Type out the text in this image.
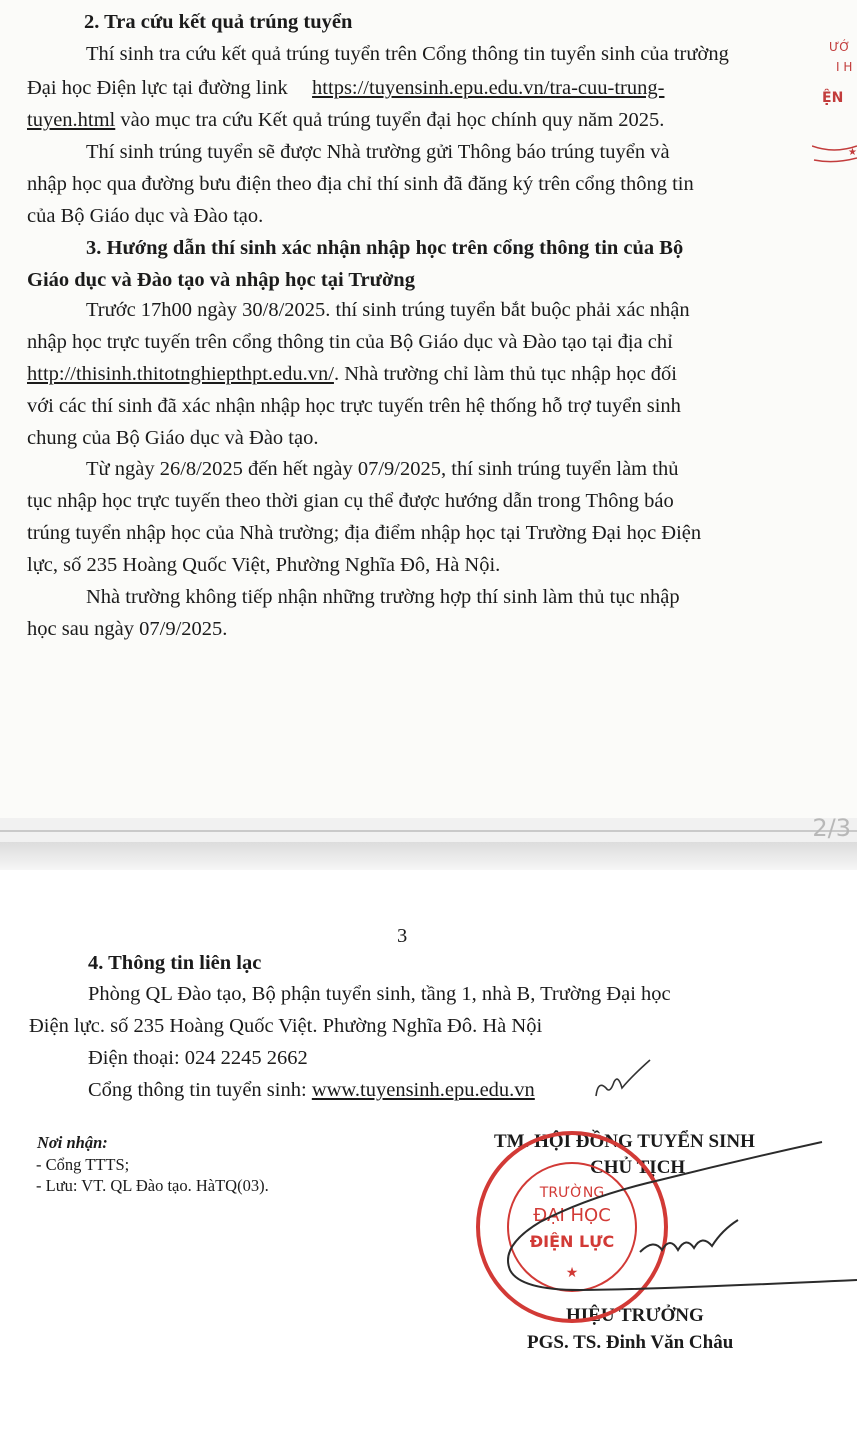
2. Tra cứu kết quả trúng tuyển
Thí sinh tra cứu kết quả trúng tuyển trên Cổng thông tin tuyển sinh của trường
Đại học Điện lực tại đường link https://tuyensinh.epu.edu.vn/tra-cuu-trung-
tuyen.html vào mục tra cứu Kết quả trúng tuyển đại học chính quy năm 2025.
Thí sinh trúng tuyển sẽ được Nhà trường gửi Thông báo trúng tuyển và
nhập học qua đường bưu điện theo địa chỉ thí sinh đã đăng ký trên cổng thông tin
của Bộ Giáo dục và Đào tạo.
3. Hướng dẫn thí sinh xác nhận nhập học trên cổng thông tin của Bộ
Giáo dục và Đào tạo và nhập học tại Trường
Trước 17h00 ngày 30/8/2025. thí sinh trúng tuyển bắt buộc phải xác nhận
nhập học trực tuyến trên cổng thông tin của Bộ Giáo dục và Đào tạo tại địa chỉ
http://thisinh.thitotnghiepthpt.edu.vn/. Nhà trường chỉ làm thủ tục nhập học đối
với các thí sinh đã xác nhận nhập học trực tuyến trên hệ thống hỗ trợ tuyển sinh
chung của Bộ Giáo dục và Đào tạo.
Từ ngày 26/8/2025 đến hết ngày 07/9/2025, thí sinh trúng tuyển làm thủ
tục nhập học trực tuyến theo thời gian cụ thể được hướng dẫn trong Thông báo
trúng tuyển nhập học của Nhà trường; địa điểm nhập học tại Trường Đại học Điện
lực, số 235 Hoàng Quốc Việt, Phường Nghĩa Đô, Hà Nội.
Nhà trường không tiếp nhận những trường hợp thí sinh làm thủ tục nhập
học sau ngày 07/9/2025.
ƯỚ
I H
ỆN
★
2/3
3
4. Thông tin liên lạc
Phòng QL Đào tạo, Bộ phận tuyển sinh, tầng 1, nhà B, Trường Đại học
Điện lực. số 235 Hoàng Quốc Việt. Phường Nghĩa Đô. Hà Nội
Điện thoại: 024 2245 2662
Cổng thông tin tuyển sinh: www.tuyensinh.epu.edu.vn
Nơi nhận:
- Cổng TTTS;
- Lưu: VT. QL Đào tạo. HàTQ(03).
TM. HỘI ĐỒNG TUYỂN SINH
CHỦ TỊCH
HIỆU TRƯỞNG
PGS. TS. Đinh Văn Châu
TRƯỜNG
ĐẠI HỌC
ĐIỆN LỰC
★
